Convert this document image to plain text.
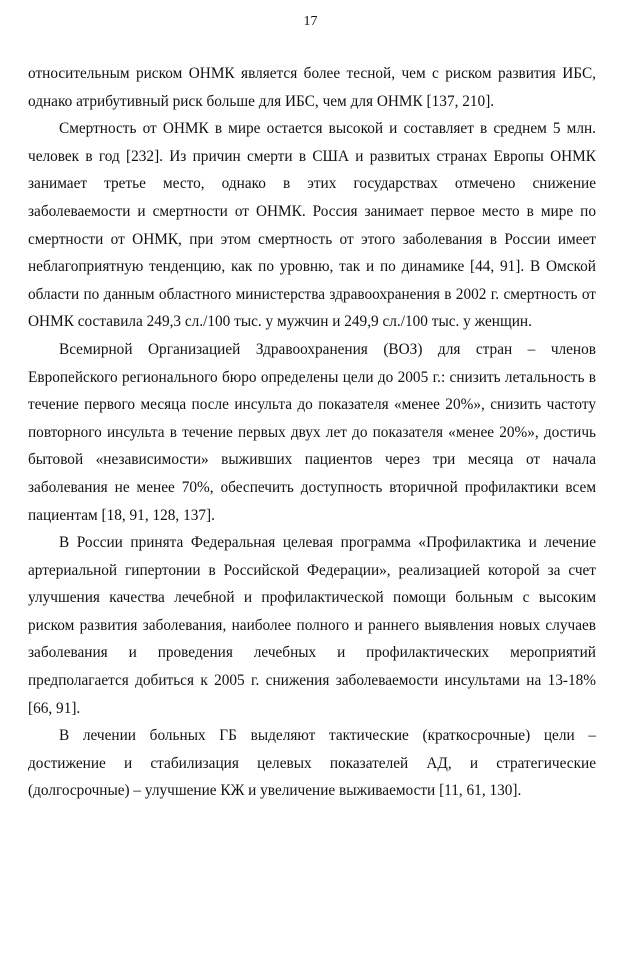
17

относительным риском ОНМК является более тесной, чем с риском развития ИБС, однако атрибутивный риск больше для ИБС, чем для ОНМК [137, 210].

Смертность от ОНМК в мире остается высокой и составляет в среднем 5 млн. человек в год [232]. Из причин смерти в США и развитых странах Европы ОНМК занимает третье место, однако в этих государствах отмечено снижение заболеваемости и смертности от ОНМК. Россия занимает первое место в мире по смертности от ОНМК, при этом смертность от этого заболевания в России имеет неблагоприятную тенденцию, как по уровню, так и по динамике [44, 91]. В Омской области по данным областного министерства здравоохранения в 2002 г. смертность от ОНМК составила 249,3 сл./100 тыс. у мужчин и 249,9 сл./100 тыс. у женщин.

Всемирной Организацией Здравоохранения (ВОЗ) для стран – членов Европейского регионального бюро определены цели до 2005 г.: снизить летальность в течение первого месяца после инсульта до показателя «менее 20%», снизить частоту повторного инсульта в течение первых двух лет до показателя «менее 20%», достичь бытовой «независимости» выживших пациентов через три месяца от начала заболевания не менее 70%, обеспечить доступность вторичной профилактики всем пациентам [18, 91, 128, 137].

В России принята Федеральная целевая программа «Профилактика и лечение артериальной гипертонии в Российской Федерации», реализацией которой за счет улучшения качества лечебной и профилактической помощи больным с высоким риском развития заболевания, наиболее полного и раннего выявления новых случаев заболевания и проведения лечебных и профилактических мероприятий предполагается добиться к 2005 г. снижения заболеваемости инсультами на 13-18% [66, 91].

В лечении больных ГБ выделяют тактические (краткосрочные) цели – достижение и стабилизация целевых показателей АД, и стратегические (долгосрочные) – улучшение КЖ и увеличение выживаемости [11, 61, 130].
